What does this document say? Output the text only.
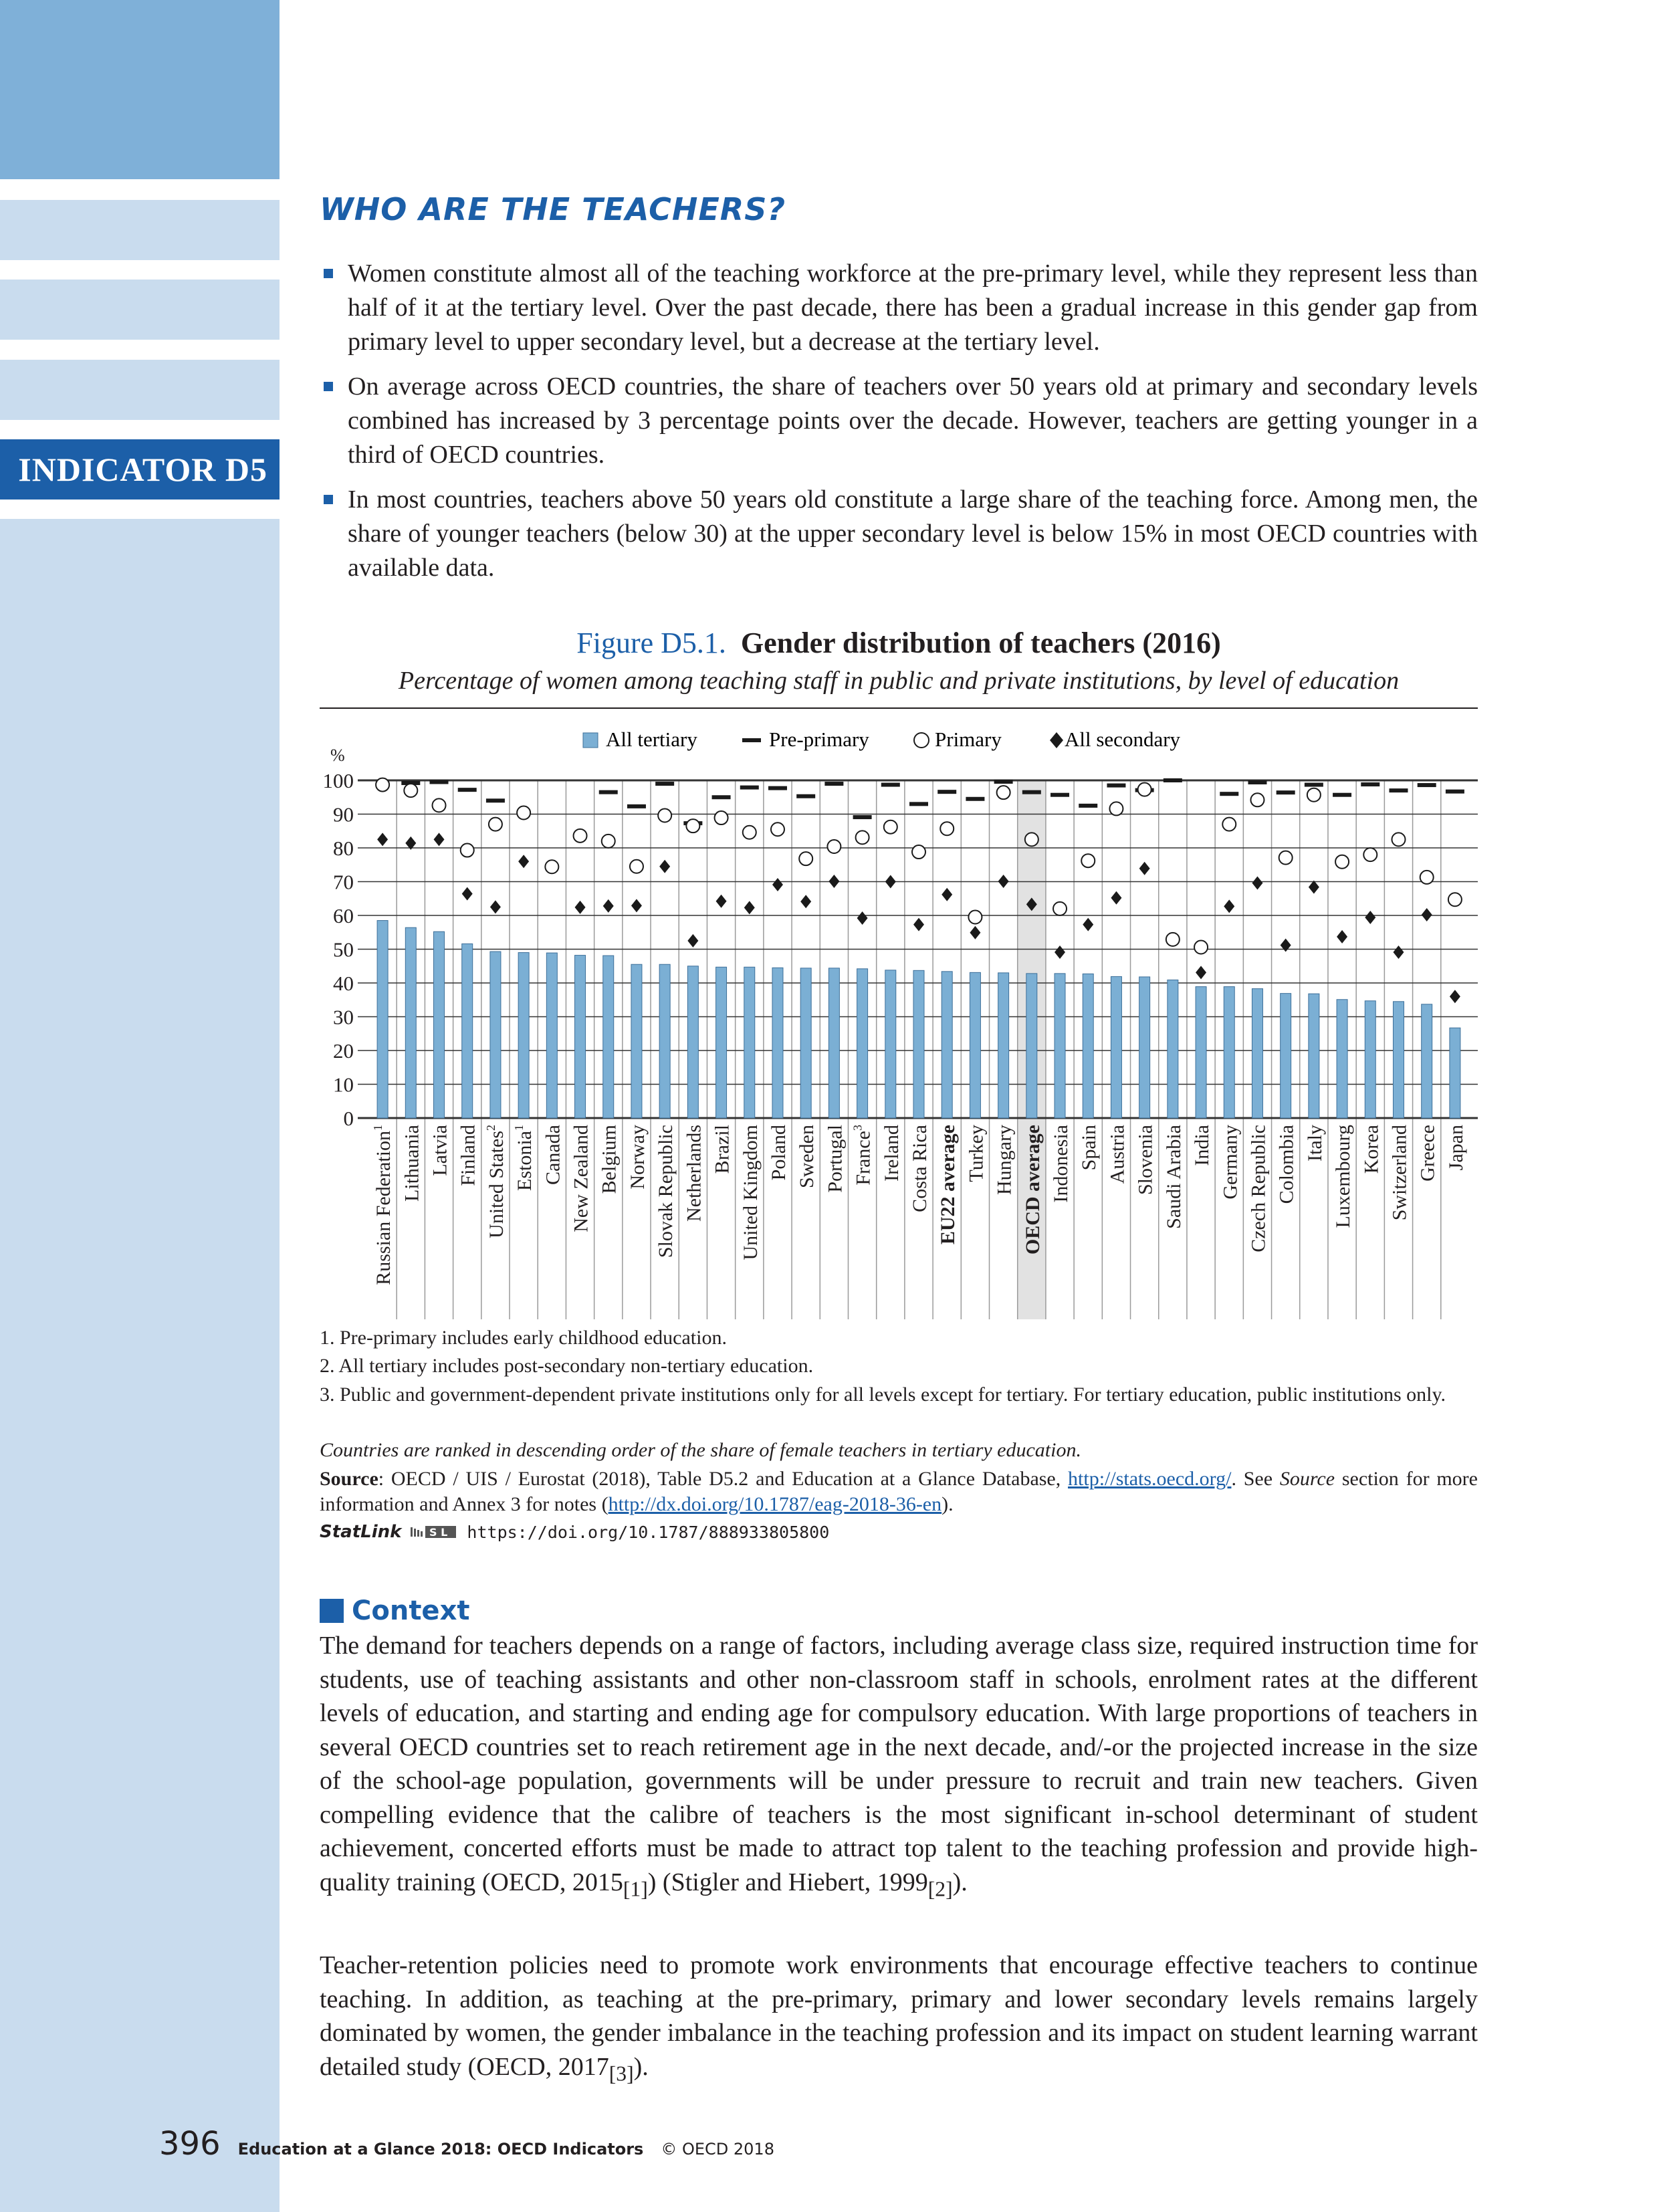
INDICATOR D5
WHO ARE THE TEACHERS?
Women constitute almost all of the teaching workforce at the pre-primary level, while they represent less than half of it at the tertiary level. Over the past decade, there has been a gradual increase in this gender gap from primary level to upper secondary level, but a decrease at the tertiary level.
On average across OECD countries, the share of teachers over 50 years old at primary and secondary levels combined has increased by 3 percentage points over the decade. However, teachers are getting younger in a third of OECD countries.
In most countries, teachers above 50 years old constitute a large share of the teaching force. Among men, the share of younger teachers (below 30) at the upper secondary level is below 15% in most OECD countries with available data.
Figure D5.1. Gender distribution of teachers (2016)
Percentage of women among teaching staff in public and private institutions, by level of education
0
10
20
30
40
50
60
70
80
90
100
%
Russian Federation$^1$ Lithuania Latvia Finland United States$^2$
Estonia$^1$ Canada New Zealand Belgium Norway Slovak Republic Netherlands Brazil United Kingdom Poland Sweden Portugal France$^3$ Ireland Costa Rica EU22 average Turkey Hungary OECD average Indonesia Spain Austria Slovenia Saudi Arabia India Germany Czech Republic Colombia Italy Luxembourg Korea Switzerland Greece Japan
All tertiary	Pre-primary	Primary	All secondary
1. Pre-primary includes early childhood education.
2. All tertiary includes post-secondary non-tertiary education.
3. Public and government-dependent private institutions only for all levels except for tertiary. For tertiary education, public institutions only.
Countries are ranked in descending order of the share of female teachers in tertiary education.
Source: OECD / UIS / Eurostat (2018), Table D5.2 and Education at a Glance Database, http://stats.oecd.org/. See Source section for more information and Annex 3 for notes (http://dx.doi.org/10.1787/eag-2018-36-en).
StatLink	S L https://doi.org/10.1787/888933805800
Context
The demand for teachers depends on a range of factors, including average class size, required instruction time for students, use of teaching assistants and other non-classroom staff in schools, enrolment rates at the different levels of education, and starting and ending age for compulsory education. With large proportions of teachers in several OECD countries set to reach retirement age in the next decade, and/-or the projected increase in the size of the school-age population, governments will be under pressure to recruit and train new teachers. Given compelling evidence that the calibre of teachers is the most significant in-school determinant of student achievement, concerted efforts must be made to attract top talent to the teaching profession and provide high-quality training (OECD, $2015_{[1]}$) (Stigler and Hiebert, $1999_{[2]}$).
Teacher-retention policies need to promote work environments that encourage effective teachers to continue teaching. In addition, as teaching at the pre-primary, primary and lower secondary levels remains largely dominated by women, the gender imbalance in the teaching profession and its impact on student learning warrant detailed study (OECD, $2017_{[3]}$).
396 Education at a Glance 2018: OECD Indicators © OECD 2018
